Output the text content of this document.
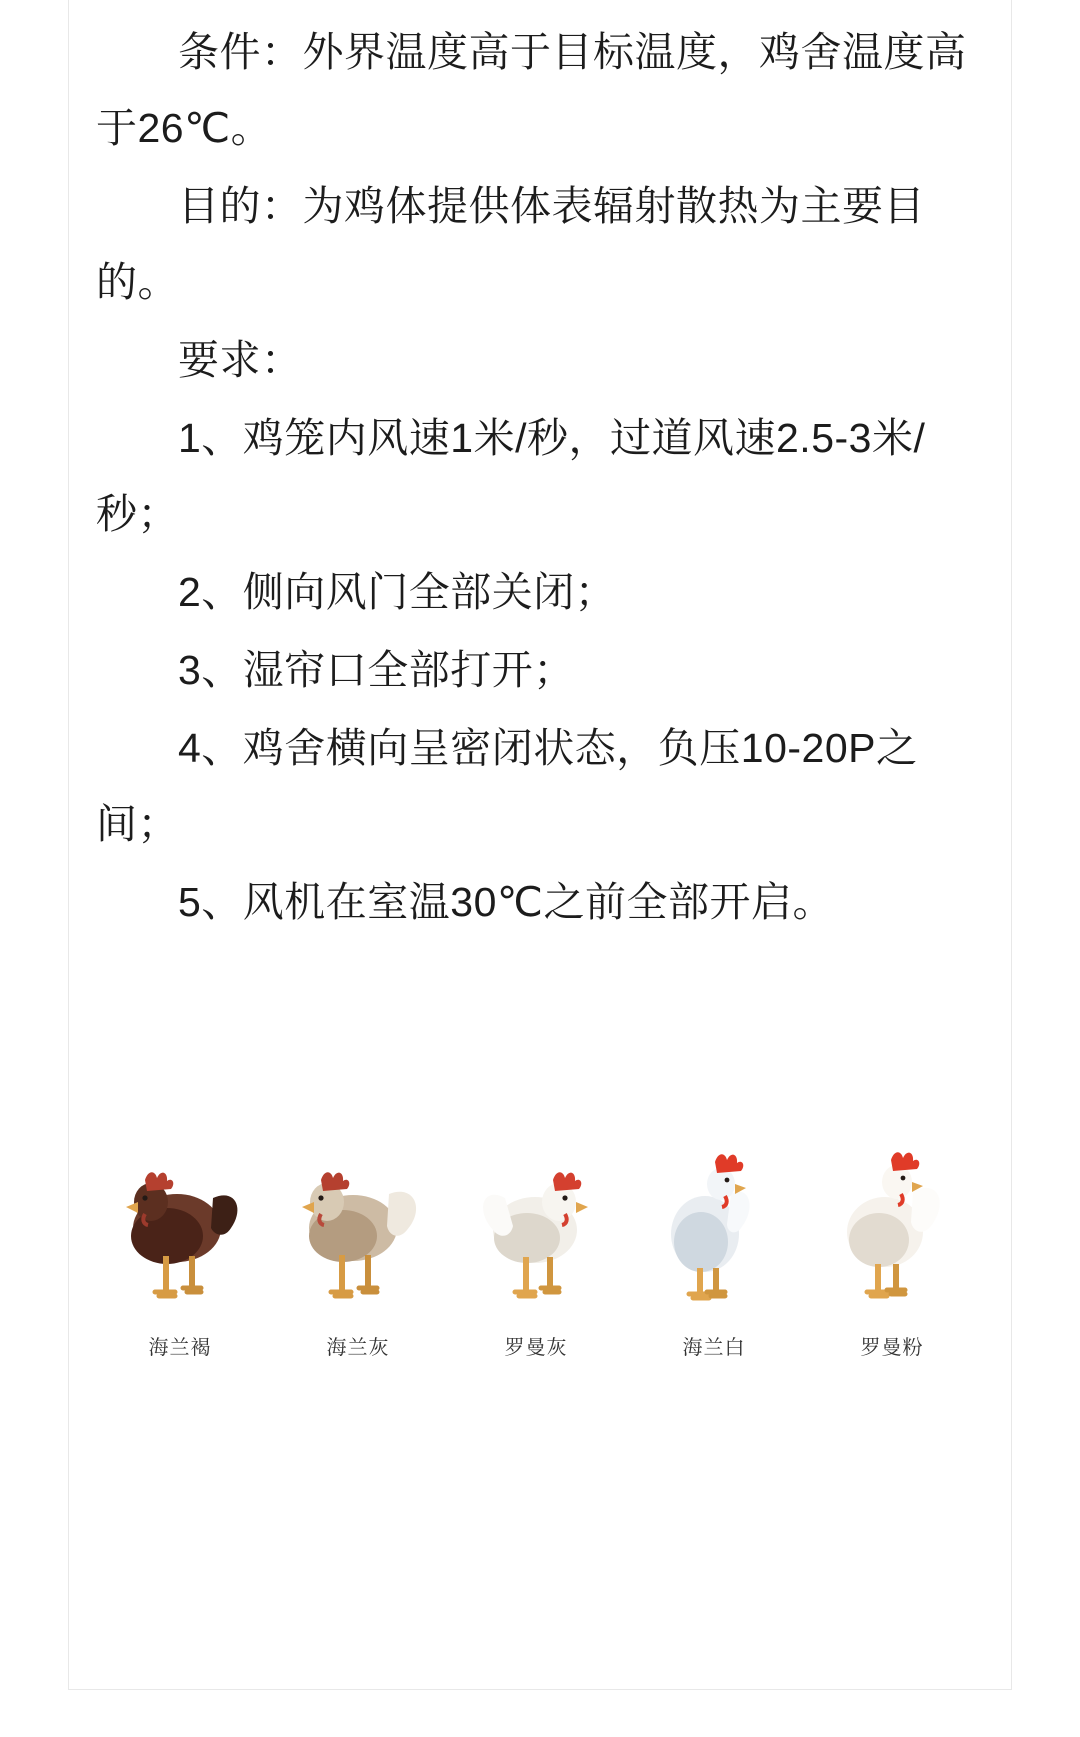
条件：外界温度高于目标温度，鸡舍温度高于26℃。

目的：为鸡体提供体表辐射散热为主要目的。

要求：

1、鸡笼内风速1米/秒，过道风速2.5-3米/秒；

2、侧向风门全部关闭；

3、湿帘口全部打开；

4、鸡舍横向呈密闭状态，负压10-20P之间；

5、风机在室温30℃之前全部开启。

海兰褐	海兰灰	罗曼灰	海兰白	罗曼粉
